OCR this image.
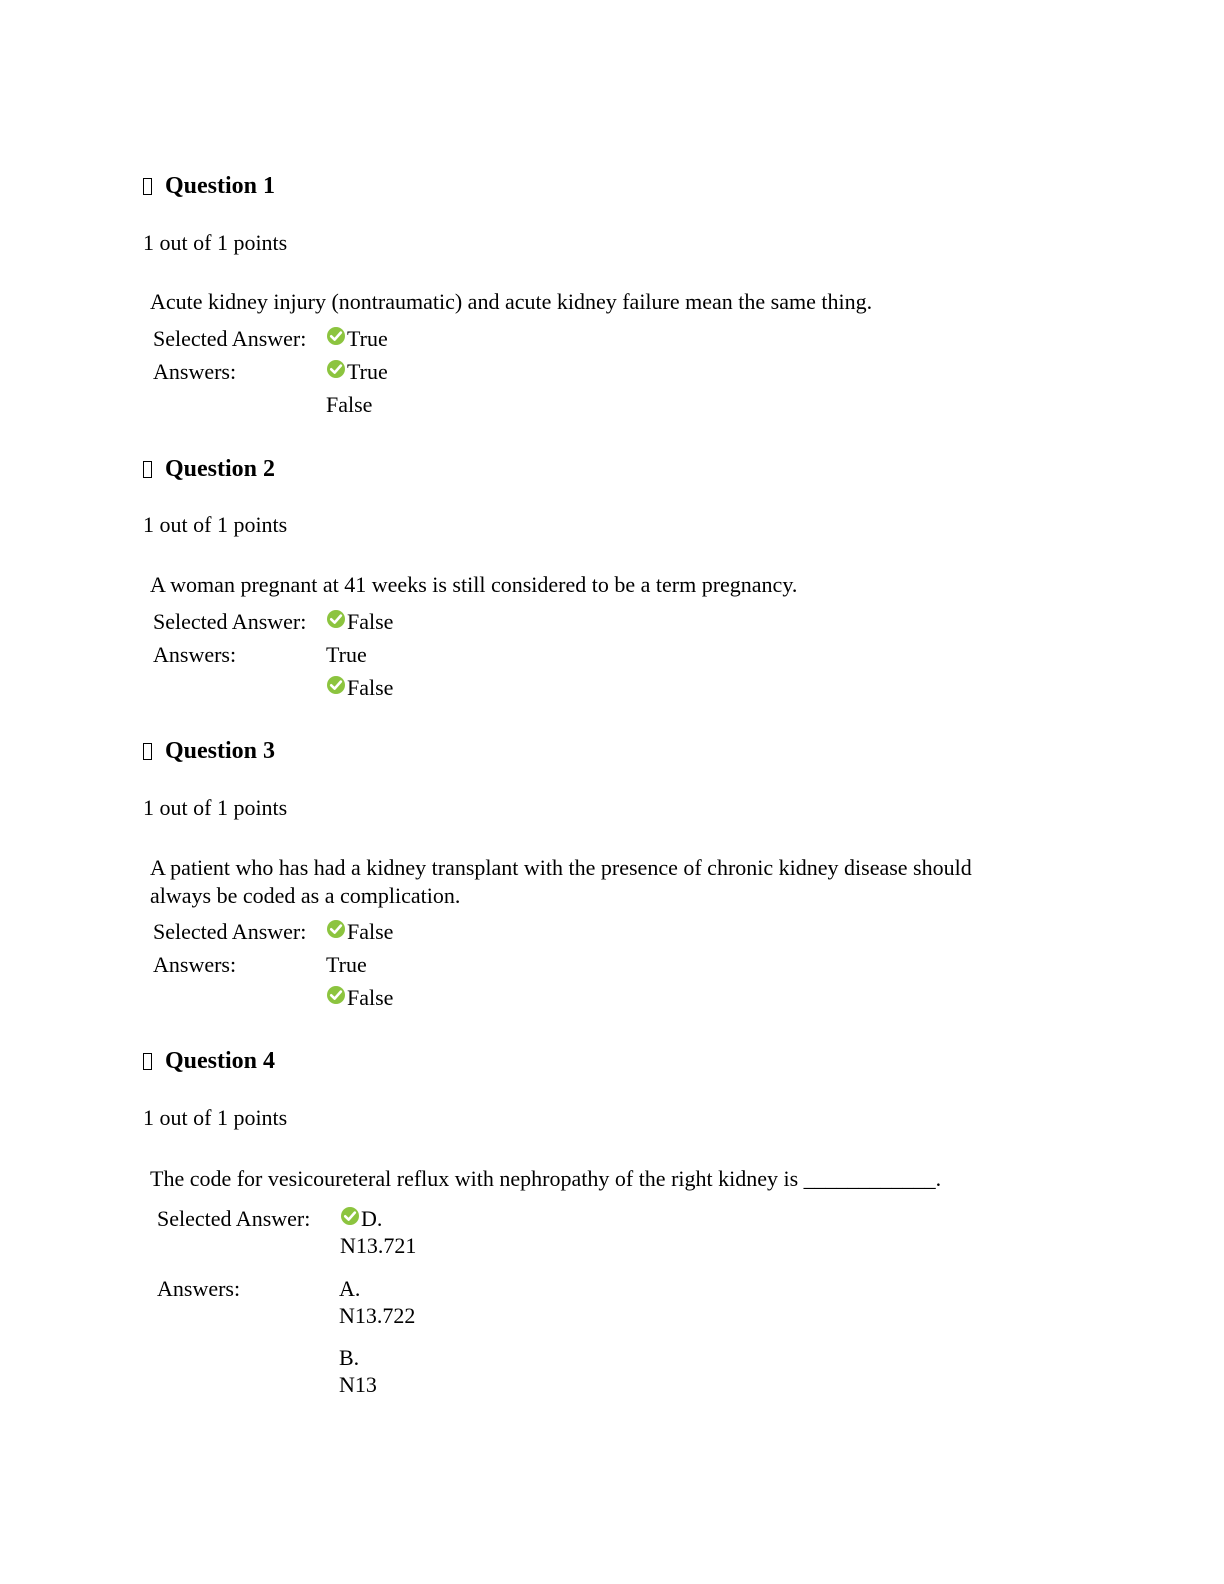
Question 1
1 out of 1 points
Acute kidney injury (nontraumatic) and acute kidney failure mean the same thing.
Selected Answer: True
Answers:	True
False
Question 2
1 out of 1 points
A woman pregnant at 41 weeks is still considered to be a term pregnancy.
Selected Answer: False
Answers:	True
False
Question 3
1 out of 1 points
A patient who has had a kidney transplant with the presence of chronic kidney disease should
always be coded as a complication.
Selected Answer: False
Answers:	True
False
Question 4
1 out of 1 points
The code for vesicoureteral reflux with nephropathy of the right kidney is ____________.
Selected Answer: D.
N13.721
Answers:	A.
N13.722
B.
N13
